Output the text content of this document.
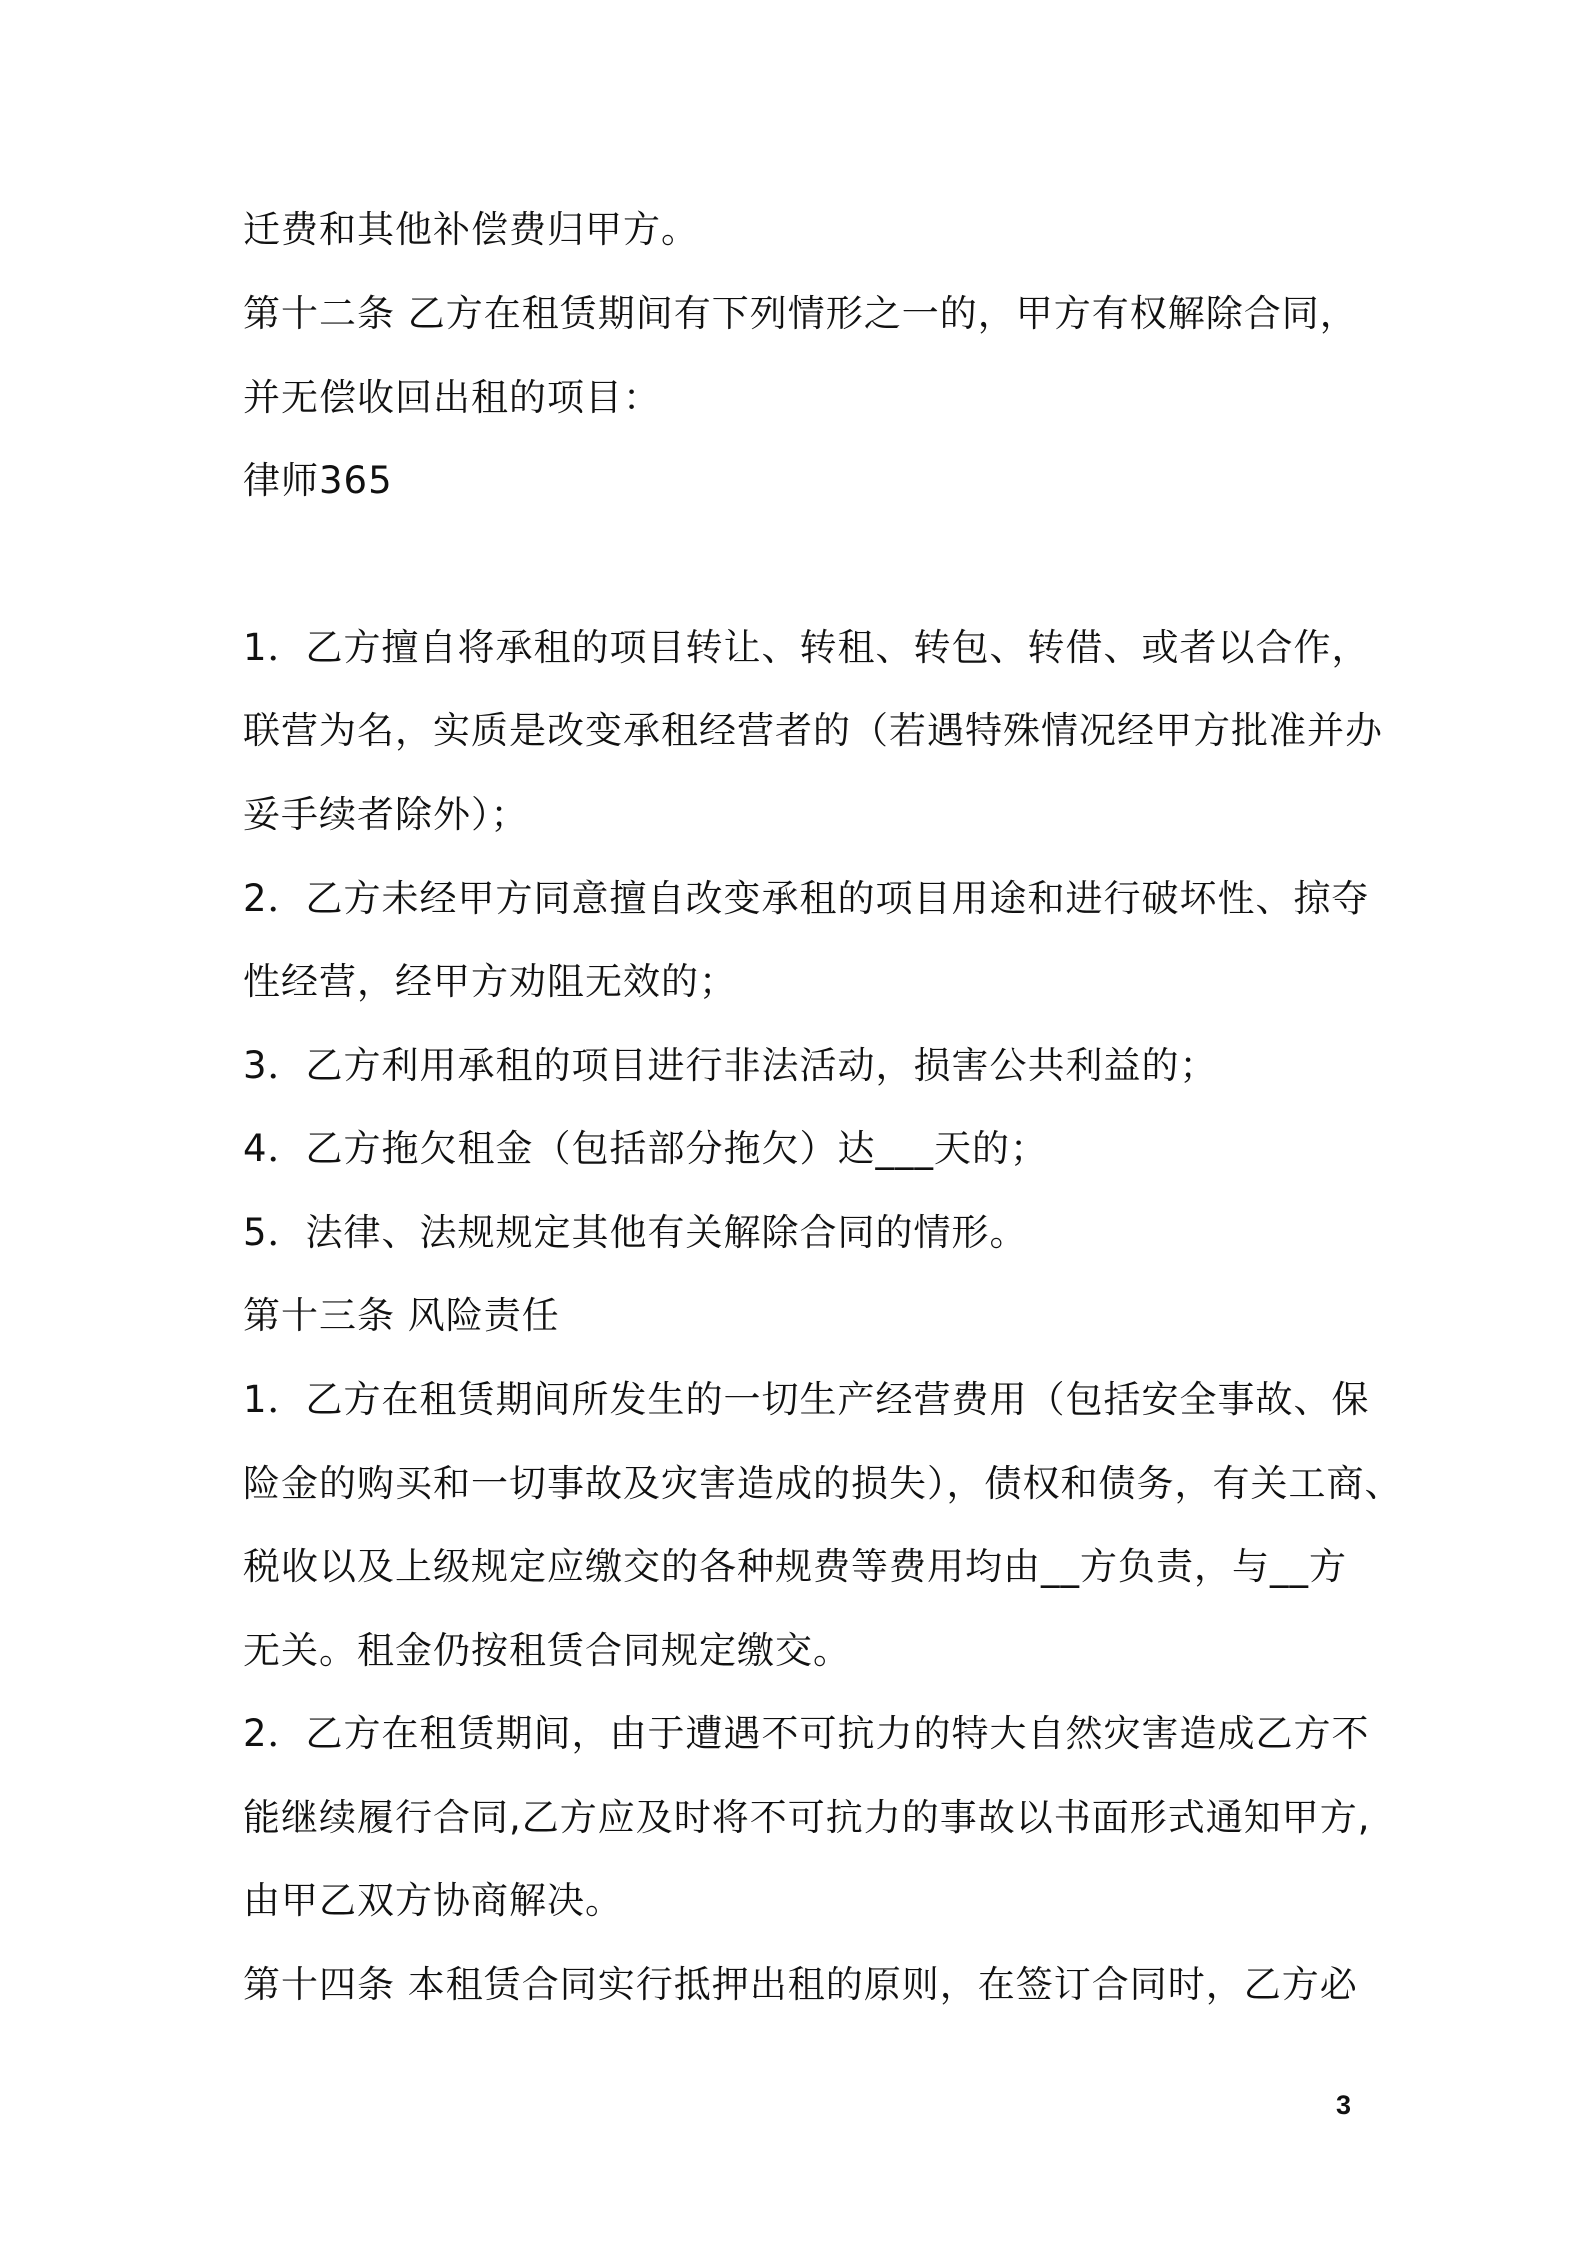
迁费和其他补偿费归甲方。
第十二条 乙方在租赁期间有下列情形之一的，甲方有权解除合同，
并无偿收回出租的项目：
律师365
1．乙方擅自将承租的项目转让、转租、转包、转借、或者以合作，
联营为名，实质是改变承租经营者的（若遇特殊情况经甲方批准并办
妥手续者除外）；
2．乙方未经甲方同意擅自改变承租的项目用途和进行破坏性、掠夺
性经营，经甲方劝阻无效的；
3．乙方利用承租的项目进行非法活动，损害公共利益的；
4．乙方拖欠租金（包括部分拖欠）达___天的；
5．法律、法规规定其他有关解除合同的情形。
第十三条 风险责任
1．乙方在租赁期间所发生的一切生产经营费用（包括安全事故、保
险金的购买和一切事故及灾害造成的损失），债权和债务，有关工商、
税收以及上级规定应缴交的各种规费等费用均由__方负责，与__方
无关。租金仍按租赁合同规定缴交。
2．乙方在租赁期间，由于遭遇不可抗力的特大自然灾害造成乙方不
能继续履行合同,乙方应及时将不可抗力的事故以书面形式通知甲方,
由甲乙双方协商解决。
第十四条 本租赁合同实行抵押出租的原则，在签订合同时，乙方必
3
